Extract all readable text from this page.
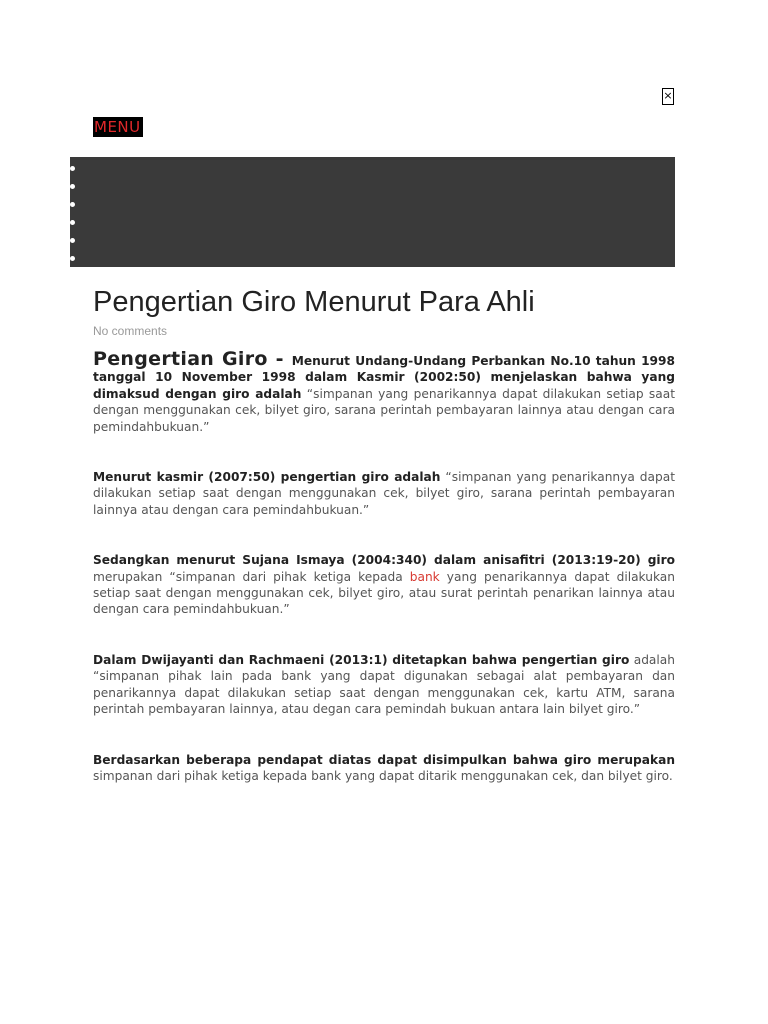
×
MENU
Pengertian Giro Menurut Para Ahli
No comments

Pengertian Giro - Menurut Undang-Undang Perbankan No.10 tahun 1998 tanggal 10 November 1998 dalam Kasmir (2002:50) menjelaskan bahwa yang dimaksud dengan giro adalah “simpanan yang penarikannya dapat dilakukan setiap saat dengan menggunakan cek, bilyet giro, sarana perintah pembayaran lainnya atau dengan cara pemindahbukuan.”

Menurut kasmir (2007:50) pengertian giro adalah “simpanan yang penarikannya dapat dilakukan setiap saat dengan menggunakan cek, bilyet giro, sarana perintah pembayaran lainnya atau dengan cara pemindahbukuan.”

Sedangkan menurut Sujana Ismaya (2004:340) dalam anisafitri (2013:19-20) giro merupakan “simpanan dari pihak ketiga kepada bank yang penarikannya dapat dilakukan setiap saat dengan menggunakan cek, bilyet giro, atau surat perintah penarikan lainnya atau dengan cara pemindahbukuan.”

Dalam Dwijayanti dan Rachmaeni (2013:1) ditetapkan bahwa pengertian giro adalah “simpanan pihak lain pada bank yang dapat digunakan sebagai alat pembayaran dan penarikannya dapat dilakukan setiap saat dengan menggunakan cek, kartu ATM, sarana perintah pembayaran lainnya, atau degan cara pemindah bukuan antara lain bilyet giro.”

Berdasarkan beberapa pendapat diatas dapat disimpulkan bahwa giro merupakan simpanan dari pihak ketiga kepada bank yang dapat ditarik menggunakan cek, dan bilyet giro.
